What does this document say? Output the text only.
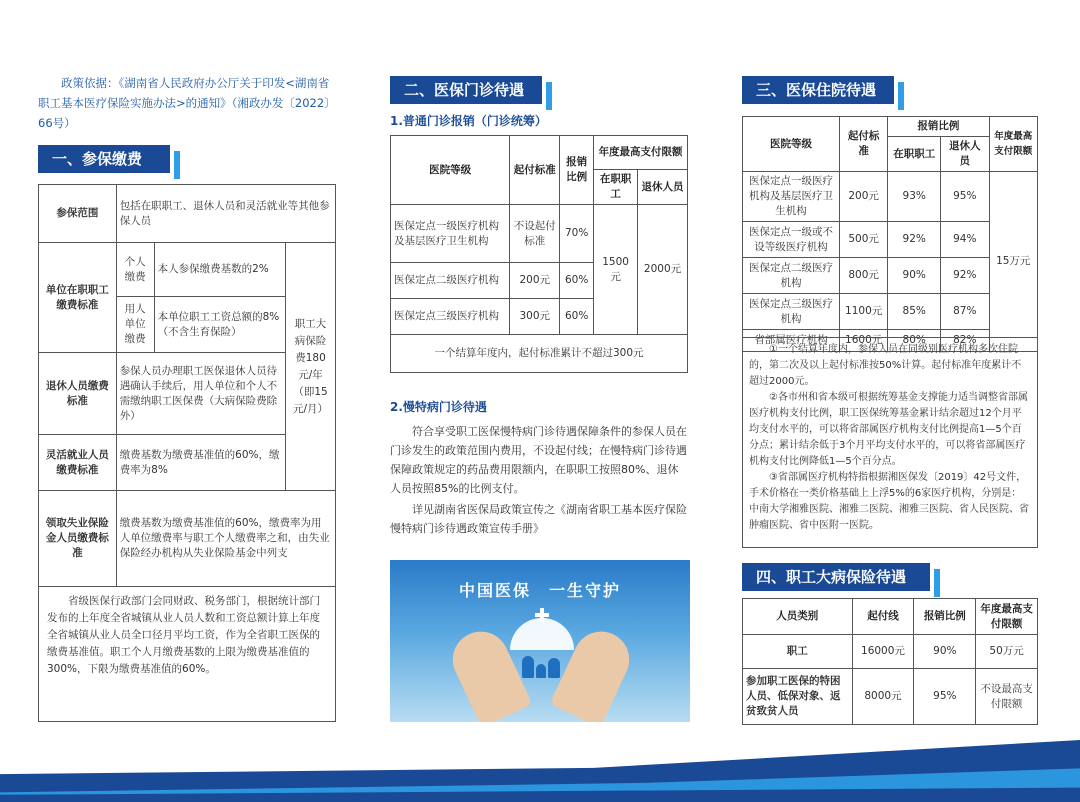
政策依据：《湖南省人民政府办公厅关于印发<湖南省职工基本医疗保险实施办法>的通知》（湘政办发〔2022〕66号）
一、参保缴费
参保范围	包括在职职工、退休人员和灵活就业等其他参保人员		
单位在职职工缴费标准	个人缴费	本人参保缴费基数的2%	职工大病保险费180元/年（即15元/月）
	用人单位缴费	本单位职工工资总额的8%（不含生育保险）	
退休人员缴费标准	参保人员办理职工医保退休人员待遇确认手续后，用人单位和个人不需缴纳职工医保费（大病保险费除外）		
灵活就业人员缴费标准	缴费基数为缴费基准值的60%，缴费率为8%		
领取失业保险金人员缴费标准	缴费基数为缴费基准值的60%，缴费率为用人单位缴费率与职工个人缴费率之和，由失业保险经办机构从失业保险基金中列支		

省级医保行政部门会同财政、税务部门，根据统计部门发布的上年度全省城镇从业人员人数和工资总额计算上年度全省城镇从业人员全口径月平均工资，作为全省职工医保的缴费基准值。职工个人月缴费基数的上限为缴费基准值的300%，下限为缴费基准值的60%。

二、医保门诊待遇
1.普通门诊报销（门诊统筹）
医院等级	起付标准	报销比例	年度最高支付限额	
			在职职工	退休人员
医保定点一级医疗机构及基层医疗卫生机构	不设起付标准	70%	1500元	2000元
医保定点二级医疗机构	200元	60%		
医保定点三级医疗机构	300元	60%		
一个结算年度内，起付标准累计不超过300元				
2.慢特病门诊待遇
符合享受职工医保慢特病门诊待遇保障条件的参保人员在门诊发生的政策范围内费用，不设起付线；在慢特病门诊待遇保障政策规定的药品费用限额内，在职职工按照80%、退休人员按照85%的比例支付。
详见湖南省医保局政策宣传之《湖南省职工基本医疗保险慢特病门诊待遇政策宣传手册》
中国医保　一生守护
三、医保住院待遇
医院等级	起付标准	报销比例		年度最高支付限额
		在职职工	退休人员	
医保定点一级医疗机构及基层医疗卫生机构	200元	93%	95%	15万元
医保定点一级或不设等级医疗机构	500元	92%	94%	
医保定点二级医疗机构	800元	90%	92%	
医保定点三级医疗机构	1100元	85%	87%	
省部属医疗机构	1600元	80%	82%	

①一个结算年度内，参保人员在同级别医疗机构多次住院的，第二次及以上起付标准按50%计算。起付标准年度累计不超过2000元。

②各市州和省本级可根据统筹基金支撑能力适当调整省部属医疗机构支付比例，职工医保统筹基金累计结余超过12个月平均支付水平的，可以将省部属医疗机构支付比例提高1—5个百分点；累计结余低于3个月平均支付水平的，可以将省部属医疗机构支付比例降低1—5个百分点。

③省部属医疗机构特指根据湘医保发〔2019〕42号文件，手术价格在一类价格基础上上浮5%的6家医疗机构，分别是：中南大学湘雅医院、湘雅二医院、湘雅三医院、省人民医院、省肿瘤医院、省中医附一医院。

四、职工大病保险待遇
人员类别	起付线	报销比例	年度最高支付限额
职工	16000元	90%	50万元
参加职工医保的特困人员、低保对象、返贫致贫人员	8000元	95%	不设最高支付限额
